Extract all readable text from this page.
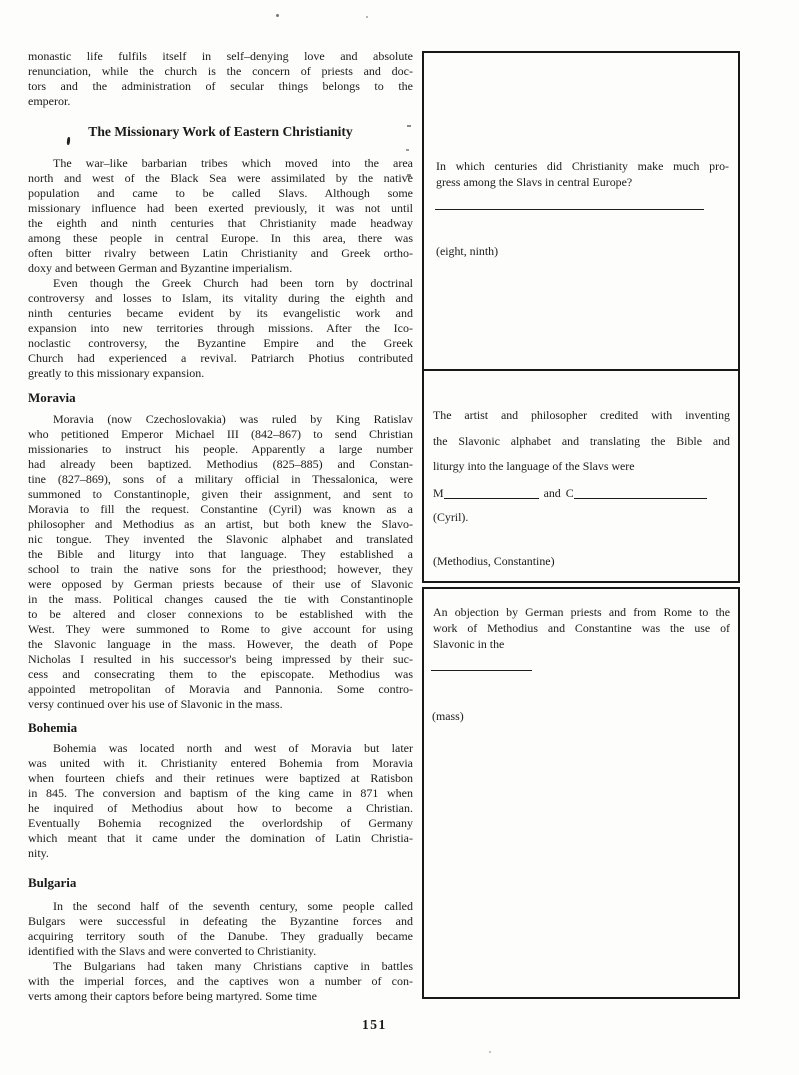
monastic life fulfils itself in self–denying love and absolute
renunciation, while the church is the concern of priests and doc-
tors and the administration of secular things belongs to the
emperor.
The Missionary Work of Eastern Christianity
The war–like barbarian tribes which moved into the area
north and west of the Black Sea were assimilated by the native
population and came to be called Slavs. Although some
missionary influence had been exerted previously, it was not until
the eighth and ninth centuries that Christianity made headway
among these people in central Europe. In this area, there was
often bitter rivalry between Latin Christianity and Greek ortho-
doxy and between German and Byzantine imperialism.
Even though the Greek Church had been torn by doctrinal
controversy and losses to Islam, its vitality during the eighth and
ninth centuries became evident by its evangelistic work and
expansion into new territories through missions. After the Ico-
noclastic controversy, the Byzantine Empire and the Greek
Church had experienced a revival. Patriarch Photius contributed
greatly to this missionary expansion.
Moravia
Moravia (now Czechoslovakia) was ruled by King Ratislav
who petitioned Emperor Michael III (842–867) to send Christian
missionaries to instruct his people. Apparently a large number
had already been baptized. Methodius (825–885) and Constan-
tine (827–869), sons of a military official in Thessalonica, were
summoned to Constantinople, given their assignment, and sent to
Moravia to fill the request. Constantine (Cyril) was known as a
philosopher and Methodius as an artist, but both knew the Slavo-
nic tongue. They invented the Slavonic alphabet and translated
the Bible and liturgy into that language. They established a
school to train the native sons for the priesthood; however, they
were opposed by German priests because of their use of Slavonic
in the mass. Political changes caused the tie with Constantinople
to be altered and closer connexions to be established with the
West. They were summoned to Rome to give account for using
the Slavonic language in the mass. However, the death of Pope
Nicholas I resulted in his successor's being impressed by their suc-
cess and consecrating them to the episcopate. Methodius was
appointed metropolitan of Moravia and Pannonia. Some contro-
versy continued over his use of Slavonic in the mass.
Bohemia
Bohemia was located north and west of Moravia but later
was united with it. Christianity entered Bohemia from Moravia
when fourteen chiefs and their retinues were baptized at Ratisbon
in 845. The conversion and baptism of the king came in 871 when
he inquired of Methodius about how to become a Christian.
Eventually Bohemia recognized the overlordship of Germany
which meant that it came under the domination of Latin Christia-
nity.
Bulgaria
In the second half of the seventh century, some people called
Bulgars were successful in defeating the Byzantine forces and
acquiring territory south of the Danube. They gradually became
identified with the Slavs and were converted to Christianity.
The Bulgarians had taken many Christians captive in battles
with the imperial forces, and the captives won a number of con-
verts among their captors before being martyred. Some time
In which centuries did Christianity make much pro-
gress among the Slavs in central Europe?
(eight, ninth)
The artist and philosopher credited with inventing
the Slavonic alphabet and translating the Bible and
liturgy into the language of the Slavs were
M	and C
(Cyril).
(Methodius, Constantine)
An objection by German priests and from Rome to the
work of Methodius and Constantine was the use of
Slavonic in the
(mass)
151
